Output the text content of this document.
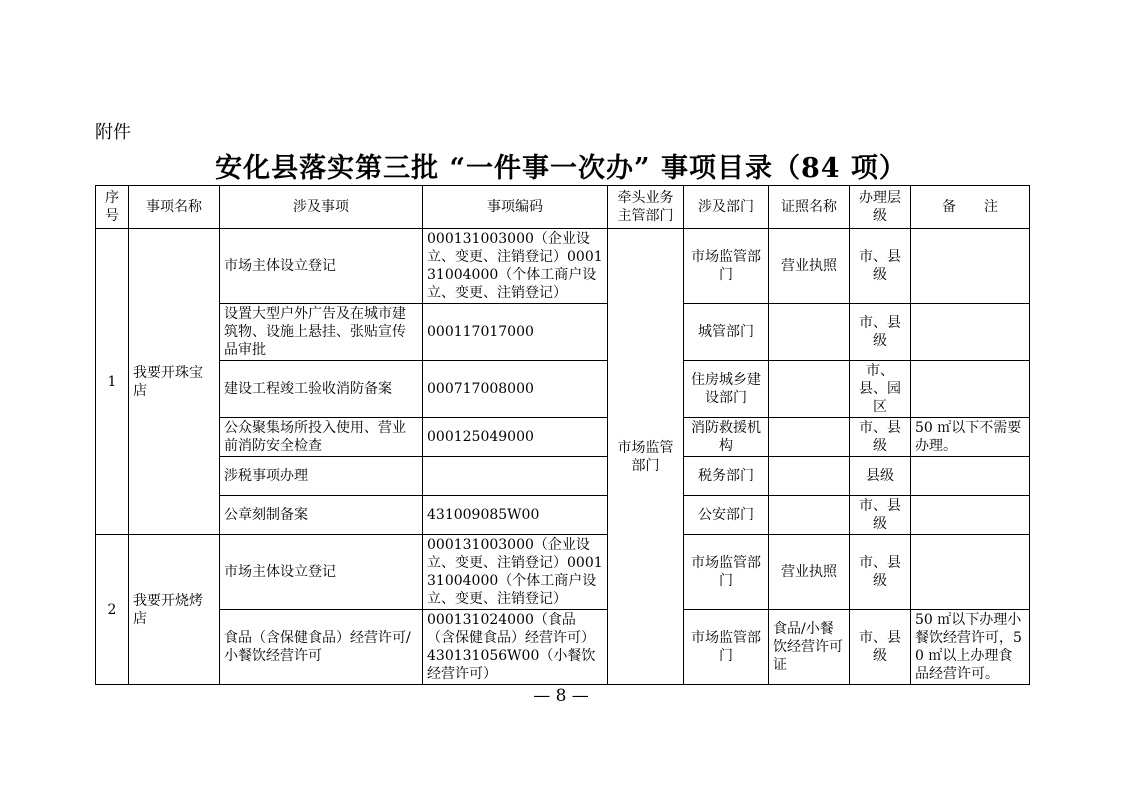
附件
安化县落实第三批 “一件事一次办” 事项目录（84 项）
序号	事项名称	涉及事项	事项编码	牵头业务主管部门	涉及部门	证照名称	办理层级	备　　注
1	我要开珠宝店	市场主体设立登记	000131003000（企业设立、变更、注销登记）000131004000（个体工商户设立、变更、注销登记）	市场监管部门	市场监管部门	营业执照	市、县级	
		设置大型户外广告及在城市建筑物、设施上悬挂、张贴宣传品审批	000117017000		城管部门		市、县级	
		建设工程竣工验收消防备案	000717008000		住房城乡建设部门		市、县、园区	
		公众聚集场所投入使用、营业前消防安全检查	000125049000		消防救援机构		市、县级	50 ㎡以下不需要办理。
		涉税事项办理			税务部门		县级	
		公章刻制备案	431009085W00		公安部门		市、县级	
2	我要开烧烤店	市场主体设立登记	000131003000（企业设立、变更、注销登记）000131004000（个体工商户设立、变更、注销登记）		市场监管部门	营业执照	市、县级	
		食品（含保健食品）经营许可/小餐饮经营许可	000131024000（食品（含保健食品）经营许可）430131056W00（小餐饮经营许可）		市场监管部门	食品/小餐饮经营许可证	市、县级	50 ㎡以下办理小餐饮经营许可，50 ㎡以上办理食品经营许可。
— 8 —
